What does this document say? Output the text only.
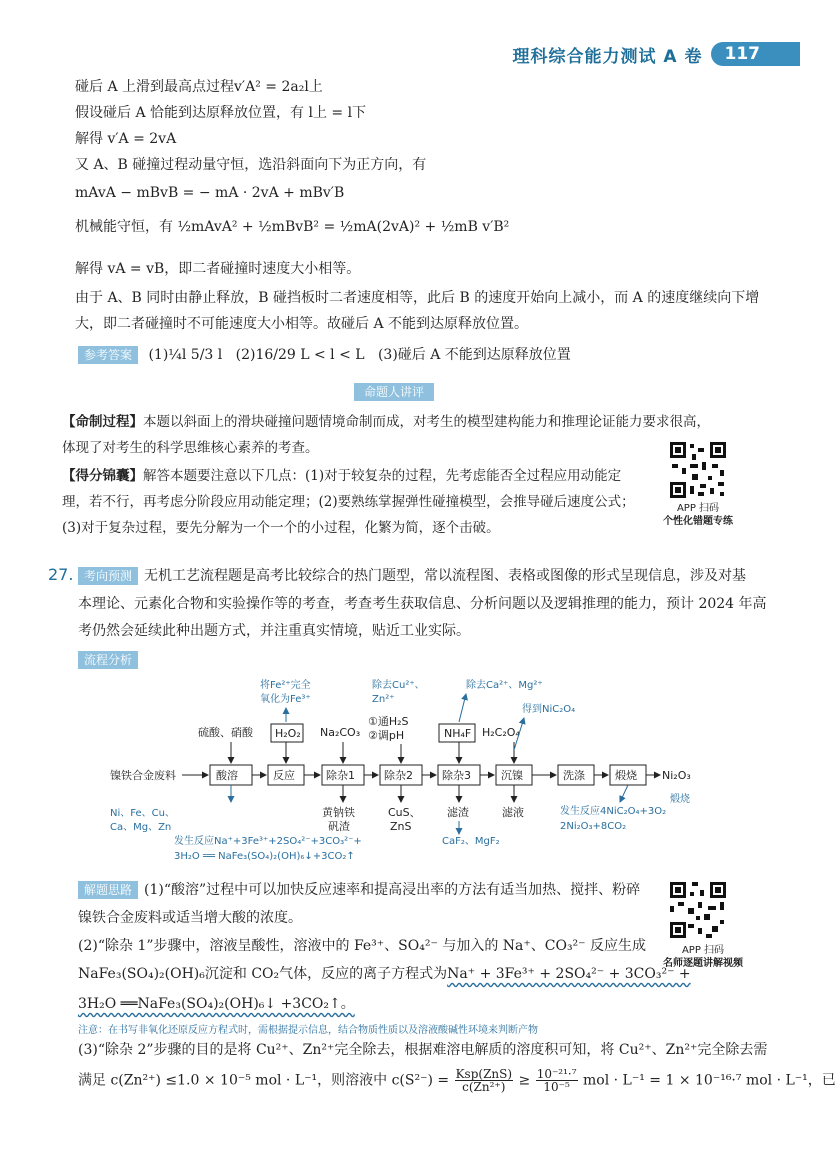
理科综合能力测试 A 卷	117
碰后 A 上滑到最高点过程v′A² = 2a₂l上
假设碰后 A 恰能到达原释放位置，有 l上 = l下
解得 v′A = 2vA
又 A、B 碰撞过程动量守恒，选沿斜面向下为正方向，有
mAvA − mBvB = − mA · 2vA + mBv′B
机械能守恒，有 ½mAvA² + ½mBvB² = ½mA(2vA)² + ½mB v′B²
解得 vA = vB，即二者碰撞时速度大小相等。
由于 A、B 同时由静止释放，B 碰挡板时二者速度相等，此后 B 的速度开始向上减小，而 A 的速度继续向下增
大，即二者碰撞时不可能速度大小相等。故碰后 A 不能到达原释放位置。
参考答案 (1)¼l 5/3 l (2)16/29 L < l < L (3)碰后 A 不能到达原释放位置
命题人讲评
【命制过程】本题以斜面上的滑块碰撞问题情境命制而成，对考生的模型建构能力和推理论证能力要求很高，
体现了对考生的科学思维核心素养的考查。
【得分锦囊】解答本题要注意以下几点：(1)对于较复杂的过程，先考虑能否全过程应用动能定
理，若不行，再考虑分阶段应用动能定理；(2)要熟练掌握弹性碰撞模型，会推导碰后速度公式；
(3)对于复杂过程，要先分解为一个一个的小过程，化繁为简，逐个击破。
APP 扫码
个性化错题专练
27. 考向预测 无机工艺流程题是高考比较综合的热门题型，常以流程图、表格或图像的形式呈现信息，涉及对基
本理论、元素化合物和实验操作等的考查，考查考生获取信息、分析问题以及逻辑推理的能力，预计 2024 年高
考仍然会延续此种出题方式，并注重真实情境，贴近工业实际。
流程分析
镍铁合金废料	酸溶	反应	除杂1	除杂2	除杂3	沉镍	洗涤	煅烧 Ni₂O₃
硫酸、硝酸 H₂O₂ Na₂CO₃
①通H₂S
②调pH	NH₄F H₂C₂O₄
黄钠铁
矾渣
CuS、
ZnS
滤渣	滤液
将Fe²⁺完全
氧化为Fe³⁺
除去Cu²⁺、
Zn²⁺
除去Ca²⁺、Mg²⁺
得到NiC₂O₄
Ni、Fe、Cu、
Ca、Mg、Zn
CaF₂、MgF₂
发生反应Na⁺+3Fe³⁺+2SO₄²⁻+3CO₃²⁻+
3H₂O ══ NaFe₃(SO₄)₂(OH)₆↓+3CO₂↑
发生反应4NiC₂O₄+3O₂
煅烧
2Ni₂O₃+8CO₂
解题思路 (1)“酸溶”过程中可以加快反应速率和提高浸出率的方法有适当加热、搅拌、粉碎
镍铁合金废料或适当增大酸的浓度。
(2)“除杂 1”步骤中，溶液呈酸性，溶液中的 Fe³⁺、SO₄²⁻ 与加入的 Na⁺、CO₃²⁻ 反应生成
NaFe₃(SO₄)₂(OH)₆沉淀和 CO₂气体，反应的离子方程式为Na⁺ + 3Fe³⁺ + 2SO₄²⁻ + 3CO₃²⁻ +
3H₂O ══NaFe₃(SO₄)₂(OH)₆↓ +3CO₂↑。
注意：在书写非氧化还原反应方程式时，需根据提示信息，结合物质性质以及溶液酸碱性环境来判断产物
(3)“除杂 2”步骤的目的是将 Cu²⁺、Zn²⁺完全除去，根据难溶电解质的溶度积可知，将 Cu²⁺、Zn²⁺完全除去需
满足 c(Zn²⁺) ≤1.0 × 10⁻⁵ mol · L⁻¹，则溶液中 $c(S^{2-}) = \frac{\text{Ksp(ZnS)}}{\text{c(Zn²⁺)}} \ge \frac{\text{10⁻²¹·⁷}}{\text{10⁻⁵}}$ mol · L⁻¹ = 1 × 10⁻¹⁶·⁷ mol · L⁻¹，已
APP 扫码
名师逐题讲解视频
